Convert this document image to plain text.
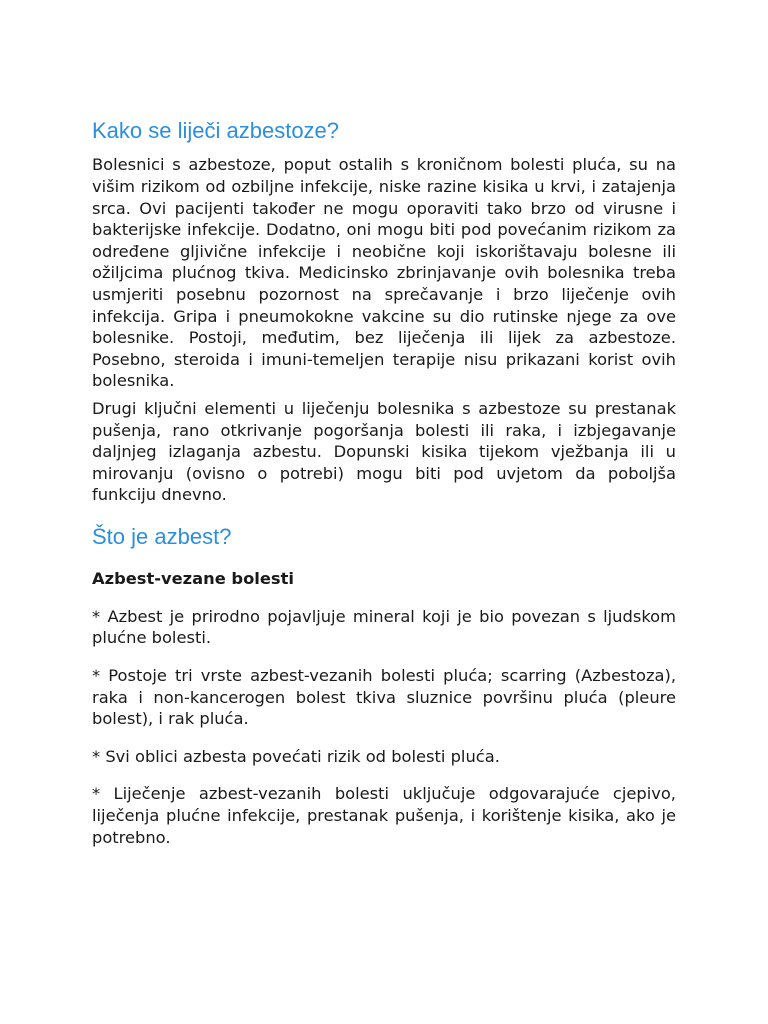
Kako se liječi azbestoze?

Bolesnici s azbestoze, poput ostalih s kroničnom bolesti pluća, su na višim rizikom od ozbiljne infekcije, niske razine kisika u krvi, i zatajenja srca. Ovi pacijenti također ne mogu oporaviti tako brzo od virusne i bakterijske infekcije. Dodatno, oni mogu biti pod povećanim rizikom za određene gljivične infekcije i neobične koji iskorištavaju bolesne ili ožiljcima plućnog tkiva. Medicinsko zbrinjavanje ovih bolesnika treba usmjeriti posebnu pozornost na sprečavanje i brzo liječenje ovih infekcija. Gripa i pneumokokne vakcine su dio rutinske njege za ove bolesnike. Postoji, međutim, bez liječenja ili lijek za azbestoze. Posebno, steroida i imuni-temeljen terapije nisu prikazani korist ovih bolesnika.

Drugi ključni elementi u liječenju bolesnika s azbestoze su prestanak pušenja, rano otkrivanje pogoršanja bolesti ili raka, i izbjegavanje daljnjeg izlaganja azbestu. Dopunski kisika tijekom vježbanja ili u mirovanju (ovisno o potrebi) mogu biti pod uvjetom da poboljša funkciju dnevno.

Što je azbest?
Azbest-vezane bolesti

* Azbest je prirodno pojavljuje mineral koji je bio povezan s ljudskom plućne bolesti.

* Postoje tri vrste azbest-vezanih bolesti pluća; scarring (Azbestoza), raka i non-kancerogen bolest tkiva sluznice površinu pluća (pleure bolest), i rak pluća.

* Svi oblici azbesta povećati rizik od bolesti pluća.

* Liječenje azbest-vezanih bolesti uključuje odgovarajuće cjepivo, liječenja plućne infekcije, prestanak pušenja, i korištenje kisika, ako je potrebno.
